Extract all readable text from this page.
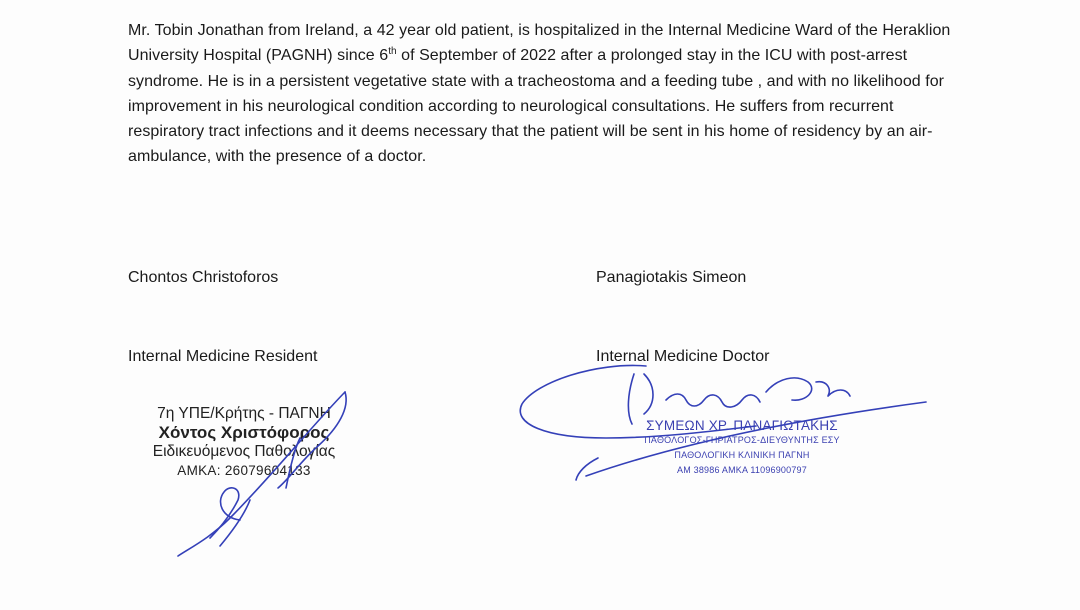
Mr. Tobin Jonathan from Ireland, a 42 year old patient, is hospitalized in the Internal Medicine Ward of the Heraklion University Hospital (PAGNH) since 6th of September of 2022 after a prolonged stay in the ICU with post-arrest syndrome. He is in a persistent vegetative state with a tracheostoma and a feeding tube , and with no likelihood for improvement in his neurological condition according to neurological consultations. He suffers from recurrent respiratory tract infections and it deems necessary that the patient will be sent in his home of residency by an air-ambulance, with the presence of a doctor.

Chontos Christoforos	Panagiotakis Simeon
Internal Medicine Resident	Internal Medicine Doctor
7η ΥΠΕ/Κρήτης - ΠΑΓΝΗ
Χόντος Χριστόφορος
Ειδικευόμενος Παθολογίας
ΑΜΚΑ: 26079604133
ΣΥΜΕΩΝ ΧΡ. ΠΑΝΑΓΙΩΤΑΚΗΣ
ΠΑΘΟΛΟΓΟΣ-ΓΗΡΙΑΤΡΟΣ-ΔΙΕΥΘΥΝΤΗΣ ΕΣΥ
ΠΑΘΟΛΟΓΙΚΗ ΚΛΙΝΙΚΗ ΠΑΓΝΗ
ΑΜ 38986 ΑΜΚΑ 11096900797
